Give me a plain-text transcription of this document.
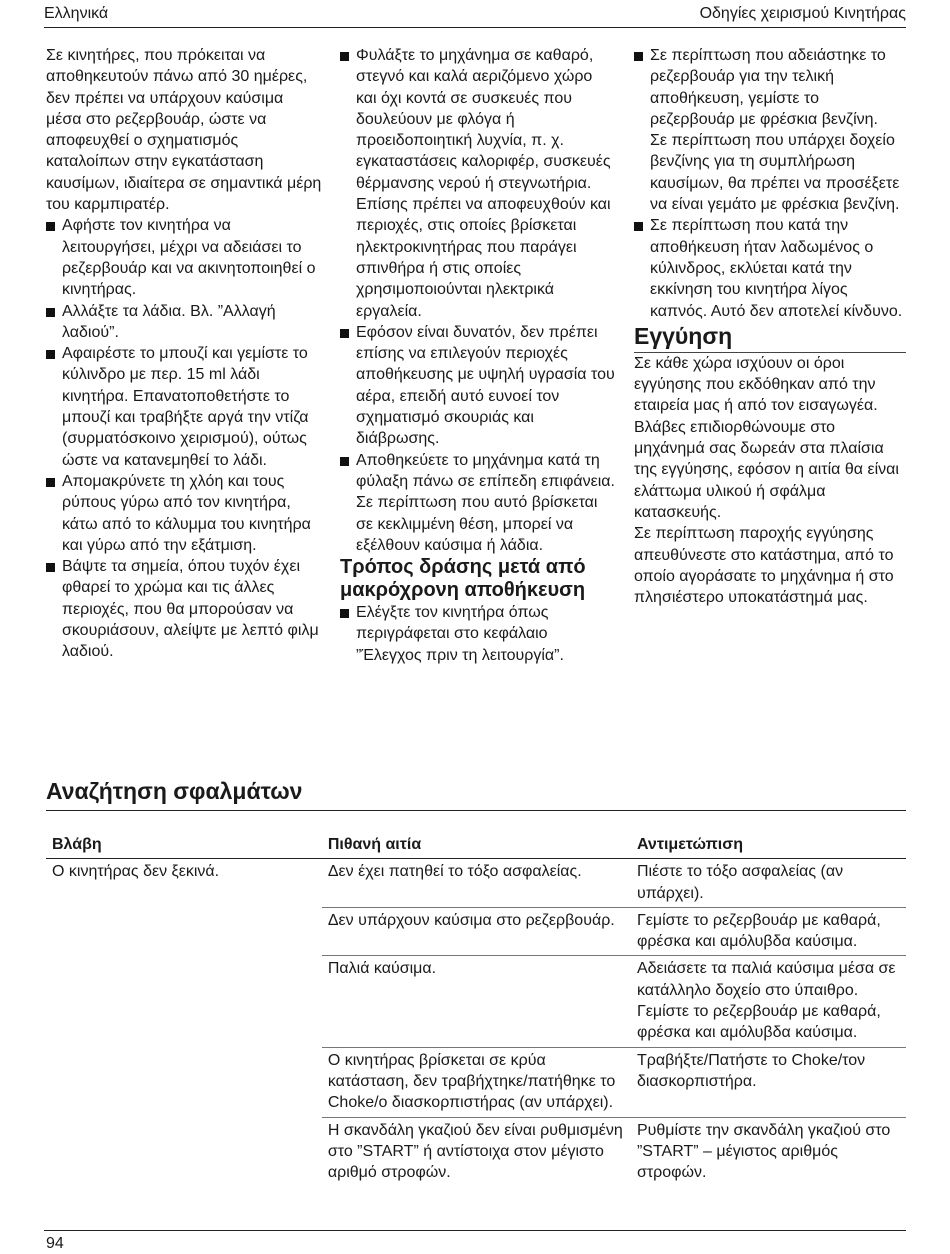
Ελληνικά	Οδηγίες χειρισμού Κινητήρας

Σε κινητήρες, που πρόκειται να αποθηκευτούν πάνω από 30 ημέρες, δεν πρέπει να υπάρχουν καύσιμα μέσα στο ρεζερβουάρ, ώστε να αποφευχθεί ο σχηματισμός καταλοίπων στην εγκατάσταση καυσίμων, ιδιαίτερα σε σημαντικά μέρη του καρμπιρατέρ.

Αφήστε τον κινητήρα να λειτουργήσει, μέχρι να αδειάσει το ρεζερβουάρ και να ακινητοποιηθεί ο κινητήρας.

Αλλάξτε τα λάδια. Βλ. ”Αλλαγή λαδιού”.

Αφαιρέστε το μπουζί και γεμίστε το κύλινδρο με περ. 15 ml λάδι κινητήρα. Επανατοποθετήστε το μπουζί και τραβήξτε αργά την ντίζα (συρματόσκοινο χειρισμού), ούτως ώστε να κατανεμηθεί το λάδι.

Απομακρύνετε τη χλόη και τους ρύπους γύρω από τον κινητήρα, κάτω από το κάλυμμα του κινητήρα και γύρω από την εξάτμιση.

Βάψτε τα σημεία, όπου τυχόν έχει φθαρεί το χρώμα και τις άλλες περιοχές, που θα μπορούσαν να σκουριάσουν, αλείψτε με λεπτό φιλμ λαδιού.

Φυλάξτε το μηχάνημα σε καθαρό, στεγνό και καλά αεριζόμενο χώρο και όχι κοντά σε συσκευές που δουλεύουν με φλόγα ή προειδοποιητική λυχνία, π. χ. εγκαταστάσεις καλοριφέρ, συσκευές θέρμανσης νερού ή στεγνωτήρια.

Επίσης πρέπει να αποφευχθούν και περιοχές, στις οποίες βρίσκεται ηλεκτροκινητήρας που παράγει σπινθήρα ή στις οποίες χρησιμοποιούνται ηλεκτρικά εργαλεία.

Εφόσον είναι δυνατόν, δεν πρέπει επίσης να επιλεγούν περιοχές αποθήκευσης με υψηλή υγρασία του αέρα, επειδή αυτό ευνοεί τον σχηματισμό σκουριάς και διάβρωσης.

Αποθηκεύετε το μηχάνημα κατά τη φύλαξη πάνω σε επίπεδη επιφάνεια. Σε περίπτωση που αυτό βρίσκεται σε κεκλιμμένη θέση, μπορεί να εξέλθουν καύσιμα ή λάδια.

Τρόπος δράσης μετά από μακρόχρονη αποθήκευση

Ελέγξτε τον κινητήρα όπως περιγράφεται στο κεφάλαιο ”Έλεγχος πριν τη λειτουργία”.

Σε περίπτωση που αδειάστηκε το ρεζερβουάρ για την τελική αποθήκευση, γεμίστε το ρεζερβουάρ με φρέσκια βενζίνη.

Σε περίπτωση που υπάρχει δοχείο βενζίνης για τη συμπλήρωση καυσίμων, θα πρέπει να προσέξετε να είναι γεμάτο με φρέσκια βενζίνη.

Σε περίπτωση που κατά την αποθήκευση ήταν λαδωμένος ο κύλινδρος, εκλύεται κατά την εκκίνηση του κινητήρα λίγος καπνός. Αυτό δεν αποτελεί κίνδυνο.

Εγγύηση

Σε κάθε χώρα ισχύουν οι όροι εγγύησης που εκδόθηκαν από την εταιρεία μας ή από τον εισαγωγέα. Βλάβες επιδιορθώνουμε στο μηχάνημά σας δωρεάν στα πλαίσια της εγγύησης, εφόσον η αιτία θα είναι ελάττωμα υλικού ή σφάλμα κατασκευής.

Σε περίπτωση παροχής εγγύησης απευθύνεστε στο κατάστημα, από το οποίο αγοράσατε το μηχάνημα ή στο πλησιέστερο υποκατάστημά μας.

Αναζήτηση σφαλμάτων
Βλάβη	Πιθανή αιτία	Αντιμετώπιση
Ο κινητήρας δεν ξεκινά.	Δεν έχει πατηθεί το τόξο ασφαλείας.	Πιέστε το τόξο ασφαλείας (αν υπάρχει).
	Δεν υπάρχουν καύσιμα στο ρεζερβουάρ.	Γεμίστε το ρεζερβουάρ με καθαρά, φρέσκα και αμόλυβδα καύσιμα.
	Παλιά καύσιμα.	Αδειάσετε τα παλιά καύσιμα μέσα σε κατάλληλο δοχείο στο ύπαιθρο.
Γεμίστε το ρεζερβουάρ με καθαρά, φρέσκα και αμόλυβδα καύσιμα.

	Ο κινητήρας βρίσκεται σε κρύα κατάσταση, δεν τραβήχτηκε/πατήθηκε το Choke/ο διασκορπιστήρας (αν υπάρχει).	Τραβήξτε/Πατήστε το Choke/τον διασκορπιστήρα.
	Η σκανδάλη γκαζιού δεν είναι ρυθμισμένη στο ”START” ή αντίστοιχα στον μέγιστο αριθμό στροφών.	Ρυθμίστε την σκανδάλη γκαζιού στο ”START” – μέγιστος αριθμός στροφών.
94
